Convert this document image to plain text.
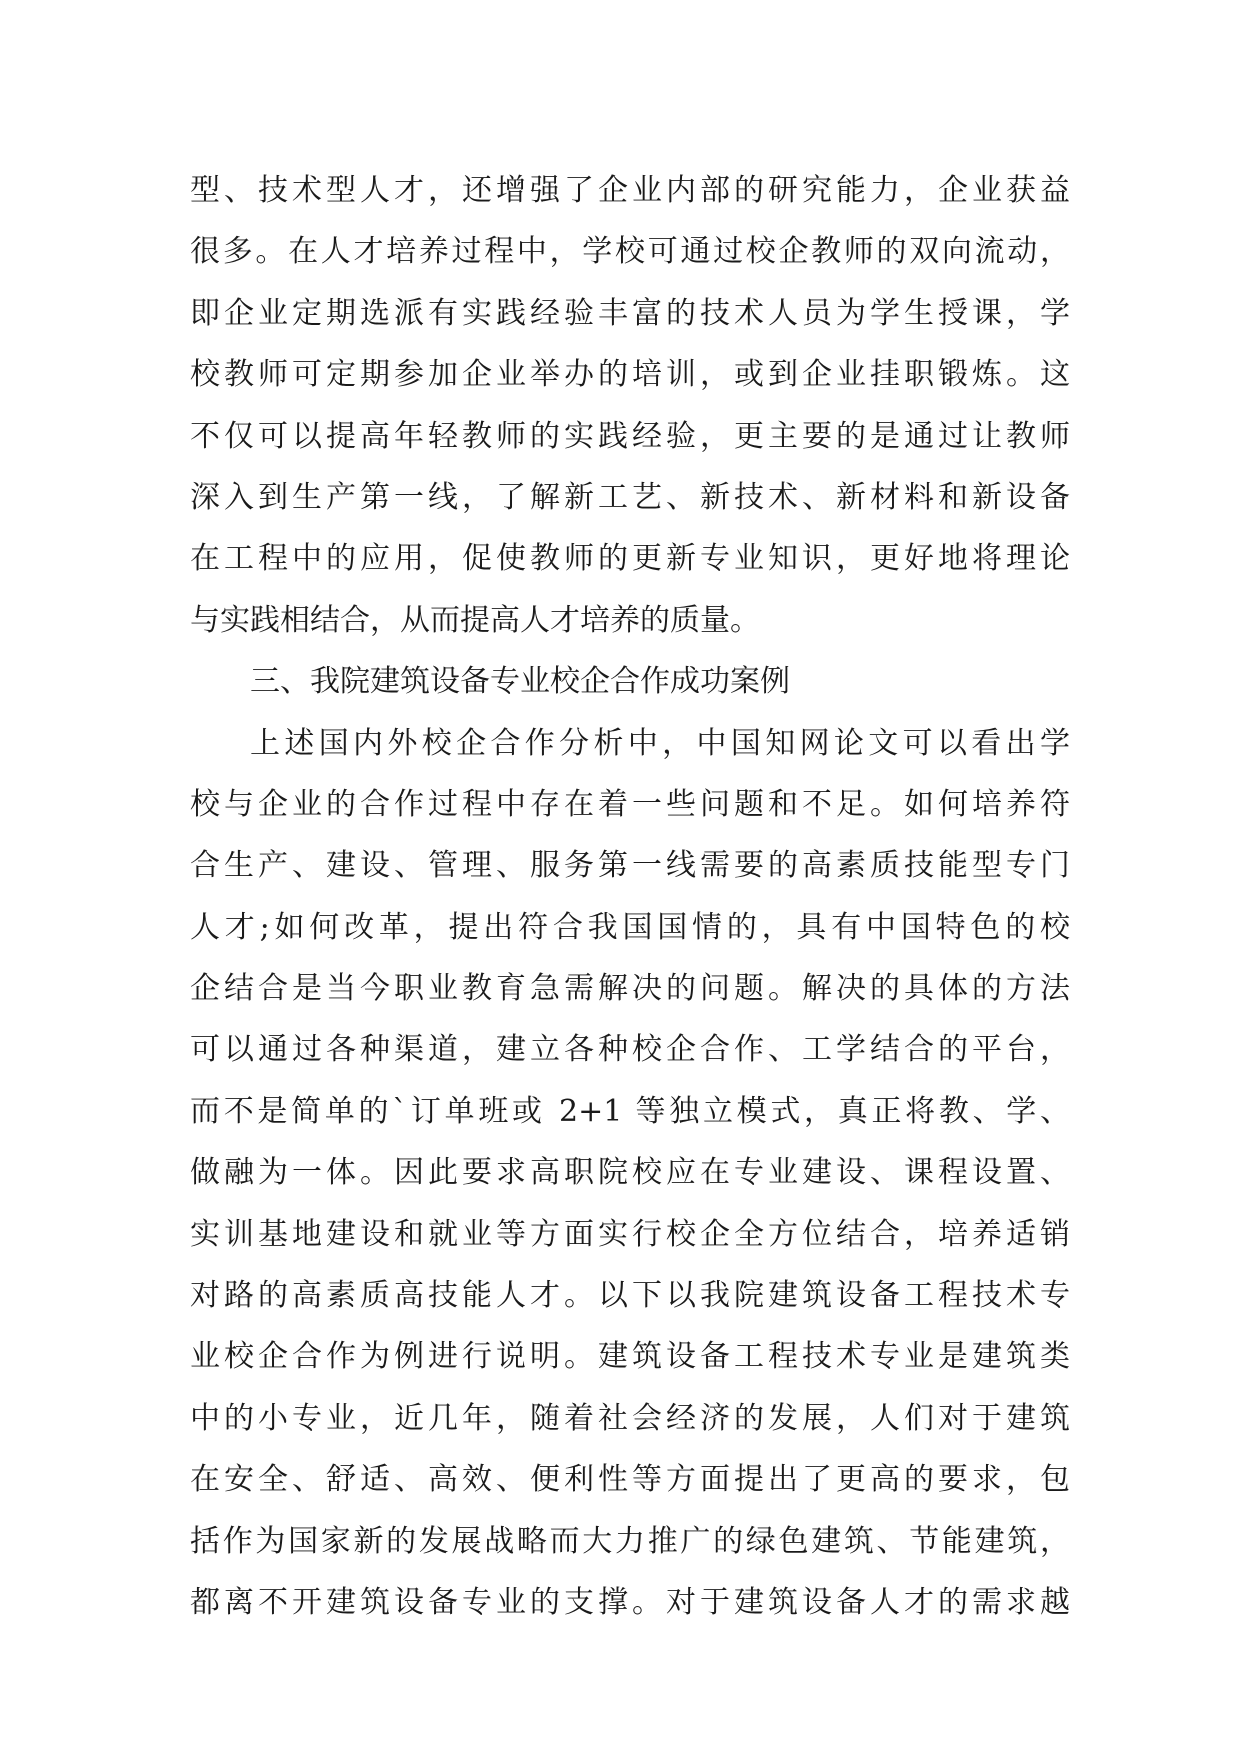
型、技术型人才，还增强了企业内部的研究能力，企业获益
很多。在人才培养过程中，学校可通过校企教师的双向流动，
即企业定期选派有实践经验丰富的技术人员为学生授课，学
校教师可定期参加企业举办的培训，或到企业挂职锻炼。这
不仅可以提高年轻教师的实践经验，更主要的是通过让教师
深入到生产第一线，了解新工艺、新技术、新材料和新设备
在工程中的应用，促使教师的更新专业知识，更好地将理论
与实践相结合，从而提高人才培养的质量。
三、我院建筑设备专业校企合作成功案例
上述国内外校企合作分析中，中国知网论文可以看出学
校与企业的合作过程中存在着一些问题和不足。如何培养符
合生产、建设、管理、服务第一线需要的高素质技能型专门
人才;如何改革，提出符合我国国情的，具有中国特色的校
企结合是当今职业教育急需解决的问题。解决的具体的方法
可以通过各种渠道，建立各种校企合作、工学结合的平台，
而不是简单的`订单班或 2+1 等独立模式，真正将教、学、
做融为一体。因此要求高职院校应在专业建设、课程设置、
实训基地建设和就业等方面实行校企全方位结合，培养适销
对路的高素质高技能人才。以下以我院建筑设备工程技术专
业校企合作为例进行说明。建筑设备工程技术专业是建筑类
中的小专业，近几年，随着社会经济的发展，人们对于建筑
在安全、舒适、高效、便利性等方面提出了更高的要求，包
括作为国家新的发展战略而大力推广的绿色建筑、节能建筑，
都离不开建筑设备专业的支撑。对于建筑设备人才的需求越
